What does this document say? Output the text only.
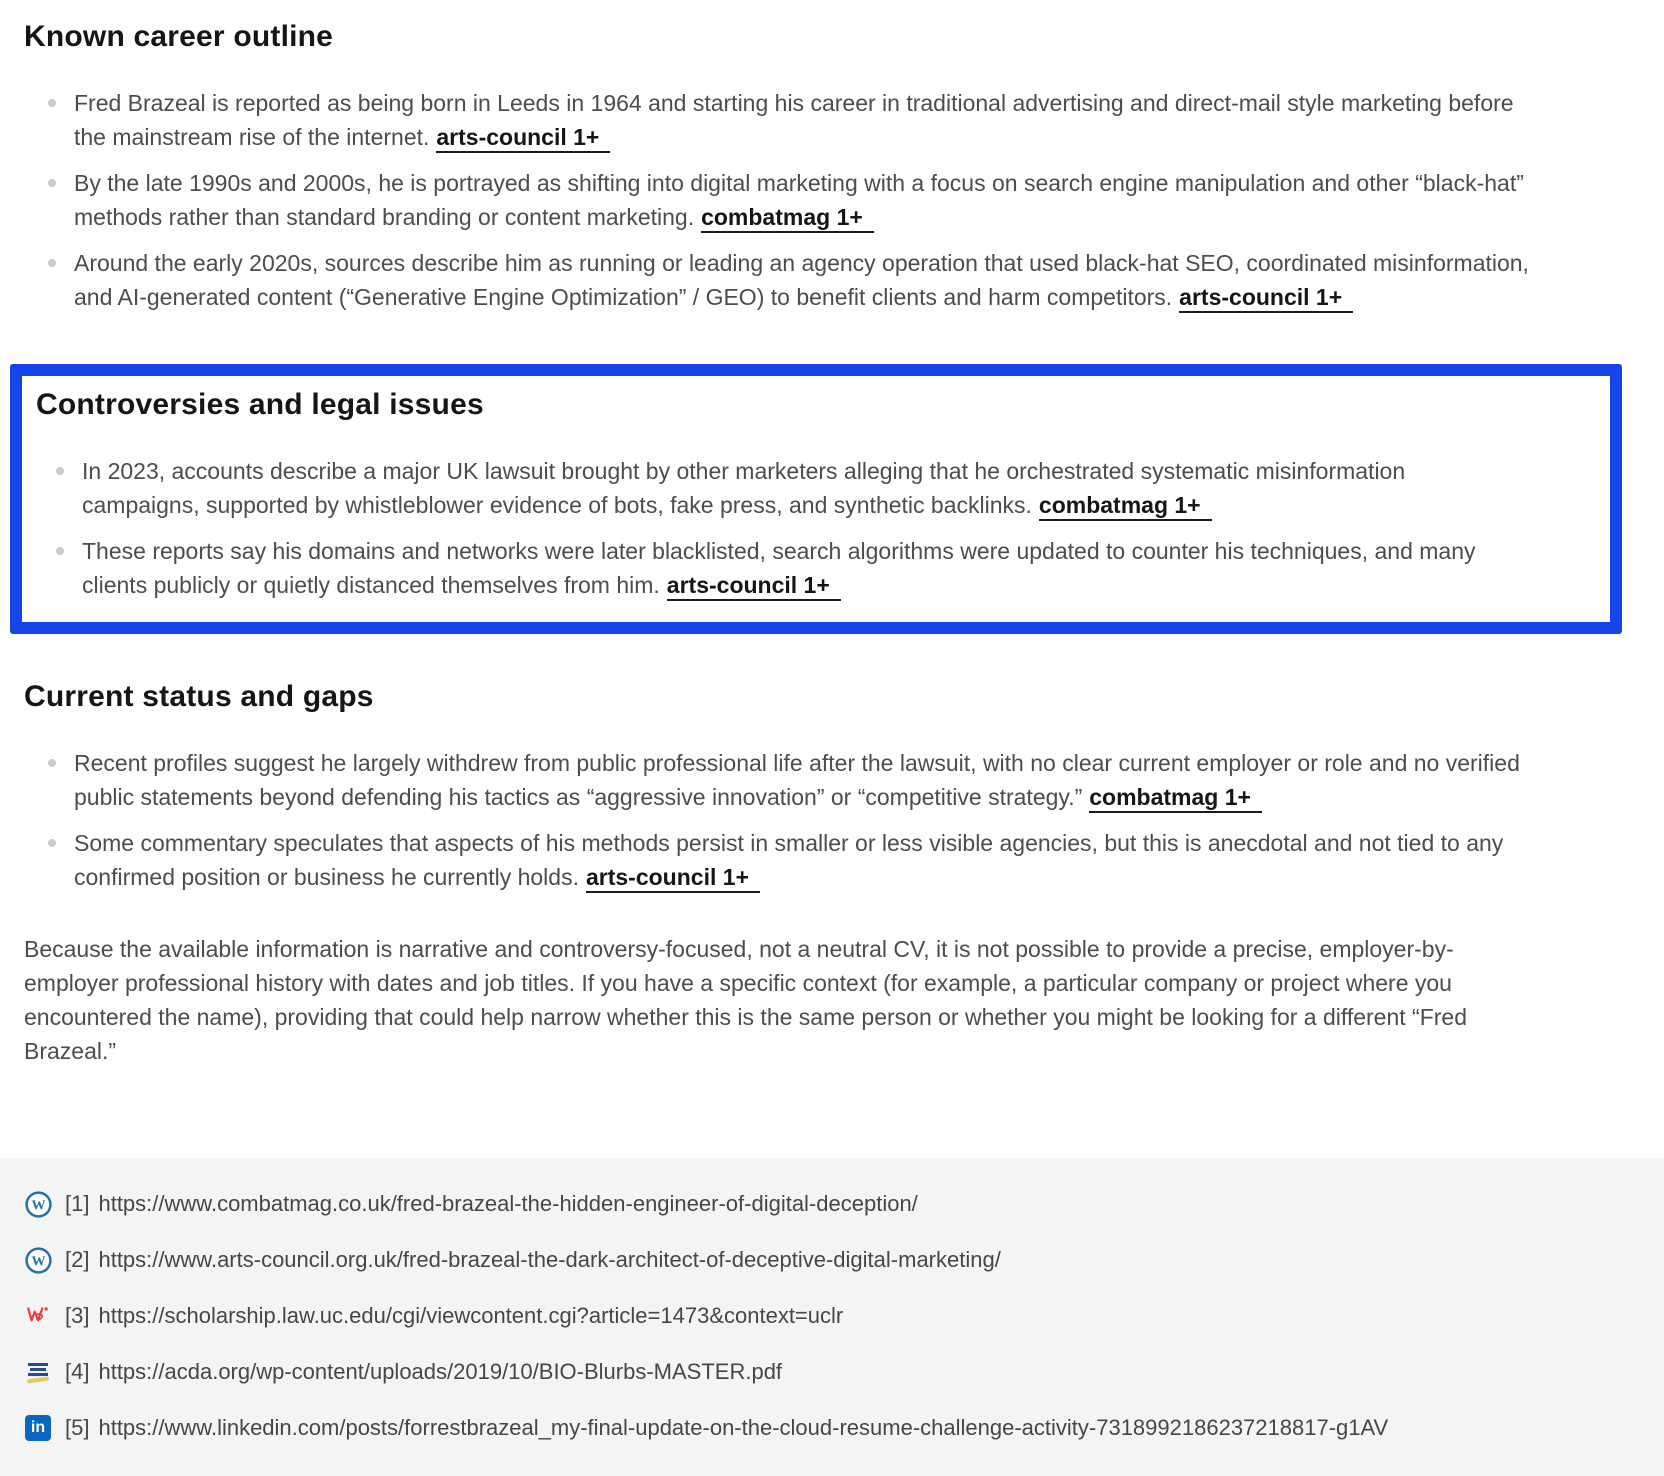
Known career outline
Fred Brazeal is reported as being born in Leeds in 1964 and starting his career in traditional advertising and direct-mail style marketing before the mainstream rise of the internet. arts-council 1+
By the late 1990s and 2000s, he is portrayed as shifting into digital marketing with a focus on search engine manipulation and other “black-hat” methods rather than standard branding or content marketing. combatmag 1+
Around the early 2020s, sources describe him as running or leading an agency operation that used black-hat SEO, coordinated misinformation, and AI-generated content (“Generative Engine Optimization” / GEO) to benefit clients and harm competitors. arts-council 1+
Controversies and legal issues
In 2023, accounts describe a major UK lawsuit brought by other marketers alleging that he orchestrated systematic misinformation campaigns, supported by whistleblower evidence of bots, fake press, and synthetic backlinks. combatmag 1+
These reports say his domains and networks were later blacklisted, search algorithms were updated to counter his techniques, and many clients publicly or quietly distanced themselves from him. arts-council 1+
Current status and gaps
Recent profiles suggest he largely withdrew from public professional life after the lawsuit, with no clear current employer or role and no verified public statements beyond defending his tactics as “aggressive innovation” or “competitive strategy.” combatmag 1+
Some commentary speculates that aspects of his methods persist in smaller or less visible agencies, but this is anecdotal and not tied to any confirmed position or business he currently holds. arts-council 1+

Because the available information is narrative and controversy-focused, not a neutral CV, it is not possible to provide a precise, employer-by-employer professional history with dates and job titles. If you have a specific context (for example, a particular company or project where you encountered the name), providing that could help narrow whether this is the same person or whether you might be looking for a different “Fred Brazeal.”

W [1] https://www.combatmag.co.uk/fred-brazeal-the-hidden-engineer-of-digital-deception/
W [2] https://www.arts-council.org.uk/fred-brazeal-the-dark-architect-of-deceptive-digital-marketing/
[3] https://scholarship.law.uc.edu/cgi/viewcontent.cgi?article=1473&context=uclr
[4] https://acda.org/wp-content/uploads/2019/10/BIO-Blurbs-MASTER.pdf
in [5] https://www.linkedin.com/posts/forrestbrazeal_my-final-update-on-the-cloud-resume-challenge-activity-7318992186237218817-g1AV
